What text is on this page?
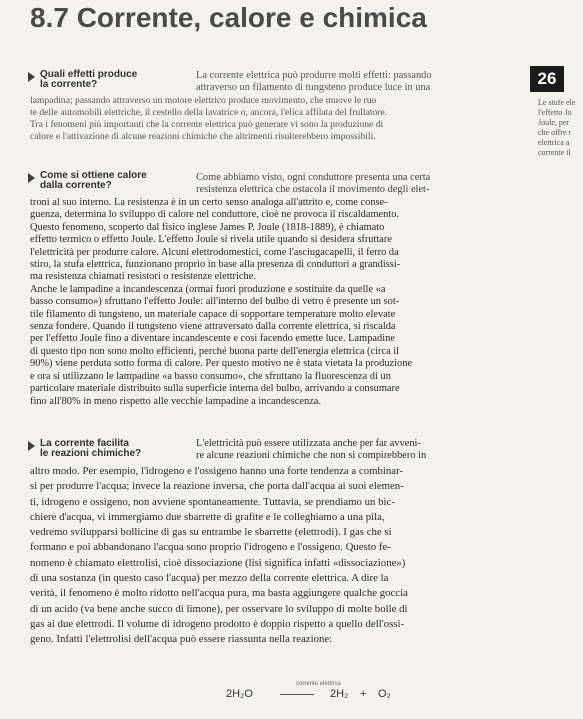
8.7 Corrente, calore e chimica
26
Le stufe ele
l'effetto Jo
Joule, per
che offre r
elettrica a
corrente il
Quali effetti produce
la corrente?
La corrente elettrica può produrre molti effetti: passando
attraverso un filamento di tungsteno produce luce in una
lampadina; passando attraverso un motore elettrico produce movimento, che muove le ruo
te delle automobili elettriche, il cestello della lavatrice o, ancora, l'elica affilata del frullatore.
Tra i fenomeni più importanti che la corrente elettrica può generare vi sono la produzione di
calore e l'attivazione di alcune reazioni chimiche che altrimenti risulterebbero impossibili.
Come si ottiene calore
dalla corrente?
Come abbiamo visto, ogni conduttore presenta una certa
resistenza elettrica che ostacola il movimento degli elet-
troni al suo interno. La resistenza è in un certo senso analoga all'attrito e, come conse-
guenza, determina lo sviluppo di calore nel conduttore, cioè ne provoca il riscaldamento.
Questo fenomeno, scoperto dal fisico inglese James P. Joule (1818-1889), è chiamato
effetto termico o effetto Joule. L'effetto Joule si rivela utile quando si desidera sfruttare
l'elettricità per produrre calore. Alcuni elettrodomestici, come l'asciugacapelli, il ferro da
stiro, la stufa elettrica, funzionano proprio in base alla presenza di conduttori a grandissi-
ma resistenza chiamati resistori o resistenze elettriche.
Anche le lampadine a incandescenza (ormai fuori produzione e sostituite da quelle «a
basso consumo») sfruttano l'effetto Joule: all'interno del bulbo di vetro è presente un sot-
tile filamento di tungsteno, un materiale capace di sopportare temperature molto elevate
senza fondere. Quando il tungsteno viene attraversato dalla corrente elettrica, si riscalda
per l'effetto Joule fino a diventare incandescente e così facendo emette luce. Lampadine
di questo tipo non sono molto efficienti, perché buona parte dell'energia elettrica (circa il
90%) viene perduta sotto forma di calore. Per questo motivo ne è stata vietata la produzione
e ora si utilizzano le lampadine «a basso consumo», che sfruttano la fluorescenza di un
particolare materiale distribuito sulla superficie interna del bulbo, arrivando a consumare
fino all'80% in meno rispetto alle vecchie lampadine a incandescenza.
La corrente facilita
le reazioni chimiche?
L'elettricità può essere utilizzata anche per far avveni-
re alcune reazioni chimiche che non si compirebbero in
altro modo. Per esempio, l'idrogeno e l'ossigeno hanno una forte tendenza a combinar-
si per produrre l'acqua; invece la reazione inversa, che porta dall'acqua ai suoi elemen-
ti, idrogeno e ossigeno, non avviene spontaneamente. Tuttavia, se prendiamo un bic-
chiere d'acqua, vi immergiamo due sbarrette di grafite e le colleghiamo a una pila,
vedremo svilupparsi bollicine di gas su entrambe le sbarrette (elettrodi). I gas che si
formano e poi abbandonano l'acqua sono proprio l'idrogeno e l'ossigeno. Questo fe-
nomeno è chiamato elettrolisi, cioè dissociazione (lisi significa infatti «dissociazione»)
di una sostanza (in questo caso l'acqua) per mezzo della corrente elettrica. A dire la
verità, il fenomeno è molto ridotto nell'acqua pura, ma basta aggiungere qualche goccia
di un acido (va bene anche succo di limone), per osservare lo sviluppo di molte bolle di
gas ai due elettrodi. Il volume di idrogeno prodotto è doppio rispetto a quello dell'ossi-
geno. Infatti l'elettrolisi dell'acqua può essere riassunta nella reazione:
2H₂O
corrente elettrica
2H₂ + O₂
